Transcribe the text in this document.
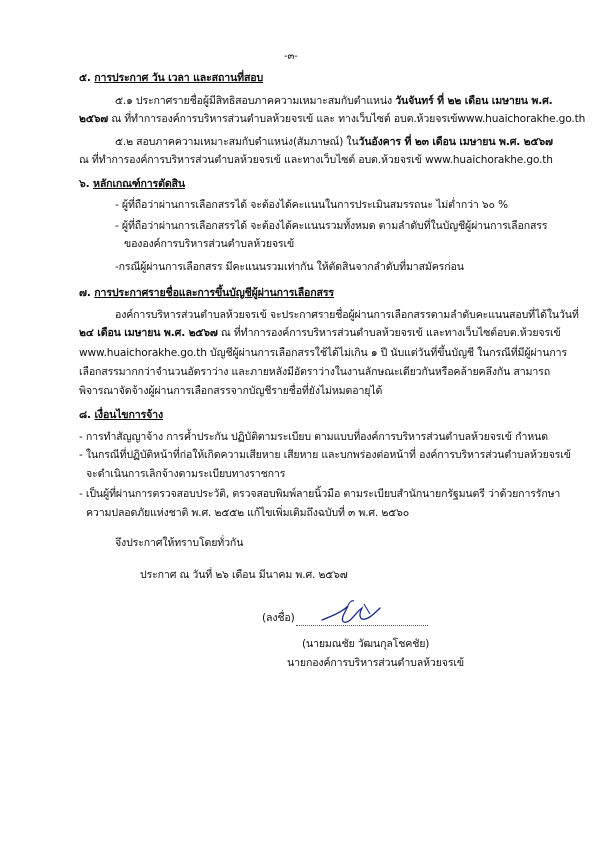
-๓-
๕. การประกาศ วัน เวลา และสถานที่สอบ
๕.๑ ประกาศรายชื่อผู้มีสิทธิสอบภาคความเหมาะสมกับตำแหน่ง วันจันทร์ ที่ ๒๒ เดือน เมษายน พ.ศ.
๒๕๖๗ ณ ที่ทำการองค์การบริหารส่วนตำบลห้วยจรเข้ และ ทางเว็บไซต์ อบต.ห้วยจรเข้www.huaichorakhe.go.th
๕.๒ สอบภาคความเหมาะสมกับตำแหน่ง(สัมภาษณ์) ในวันอังคาร ที่ ๒๓ เดือน เมษายน พ.ศ. ๒๕๖๗
ณ ที่ทำการองค์การบริหารส่วนตำบลห้วยจรเข้ และทางเว็บไซต์ อบต.ห้วยจรเข้ www.huaichorakhe.go.th
๖. หลักเกณฑ์การตัดสิน
- ผู้ที่ถือว่าผ่านการเลือกสรรได้ จะต้องได้คะแนนในการประเมินสมรรถนะ ไม่ต่ำกว่า ๖๐ %
- ผู้ที่ถือว่าผ่านการเลือกสรรได้ จะต้องได้คะแนนรวมทั้งหมด ตามลำดับที่ในบัญชีผู้ผ่านการเลือกสรร
ขององค์การบริหารส่วนตำบลห้วยจรเข้
-กรณีผู้ผ่านการเลือกสรร มีคะแนนรวมเท่ากัน ให้ตัดสินจากลำดับที่มาสมัครก่อน
๗. การประกาศรายชื่อและการขึ้นบัญชีผู้ผ่านการเลือกสรร
องค์การบริหารส่วนตำบลห้วยจรเข้ จะประกาศรายชื่อผู้ผ่านการเลือกสรรตามลำดับคะแนนสอบที่ได้ในวันที่
๒๔ เดือน เมษายน พ.ศ. ๒๕๖๗ ณ ที่ทำการองค์การบริหารส่วนตำบลห้วยจรเข้ และทางเว็บไซต์อบต.ห้วยจรเข้
www.huaichorakhe.go.th บัญชีผู้ผ่านการเลือกสรรใช้ได้ไม่เกิน ๑ ปี นับแต่วันที่ขึ้นบัญชี ในกรณีที่มีผู้ผ่านการ
เลือกสรรมากกว่าจำนวนอัตราว่าง และภายหลังมีอัตราว่างในงานลักษณะเดียวกันหรือคล้ายคลึงกัน สามารถ
พิจารณาจัดจ้างผู้ผ่านการเลือกสรรจากบัญชีรายชื่อที่ยังไม่หมดอายุได้
๘. เงื่อนไขการจ้าง
- การทำสัญญาจ้าง การค้ำประกัน ปฏิบัติตามระเบียบ ตามแบบที่องค์การบริหารส่วนตำบลห้วยจรเข้ กำหนด
- ในกรณีที่ปฏิบัติหน้าที่ก่อให้เกิดความเสียหาย เสียหาย และบกพร่องต่อหน้าที่ องค์การบริหารส่วนตำบลห้วยจรเข้
จะดำเนินการเลิกจ้างตามระเบียบทางราชการ
- เป็นผู้ที่ผ่านการตรวจสอบประวัติ, ตรวจสอบพิมพ์ลายนิ้วมือ ตามระเบียบสำนักนายกรัฐมนตรี ว่าด้วยการรักษา
ความปลอดภัยแห่งชาติ พ.ศ. ๒๕๕๒ แก้ไขเพิ่มเติมถึงฉบับที่ ๓ พ.ศ. ๒๕๖๐
จึงประกาศให้ทราบโดยทั่วกัน
ประกาศ ณ วันที่ ๒๖ เดือน มีนาคม พ.ศ. ๒๕๖๗
(ลงชื่อ)
(นายมณชัย วัฒนกุลโชคชัย)
นายกองค์การบริหารส่วนตำบลห้วยจรเข้
